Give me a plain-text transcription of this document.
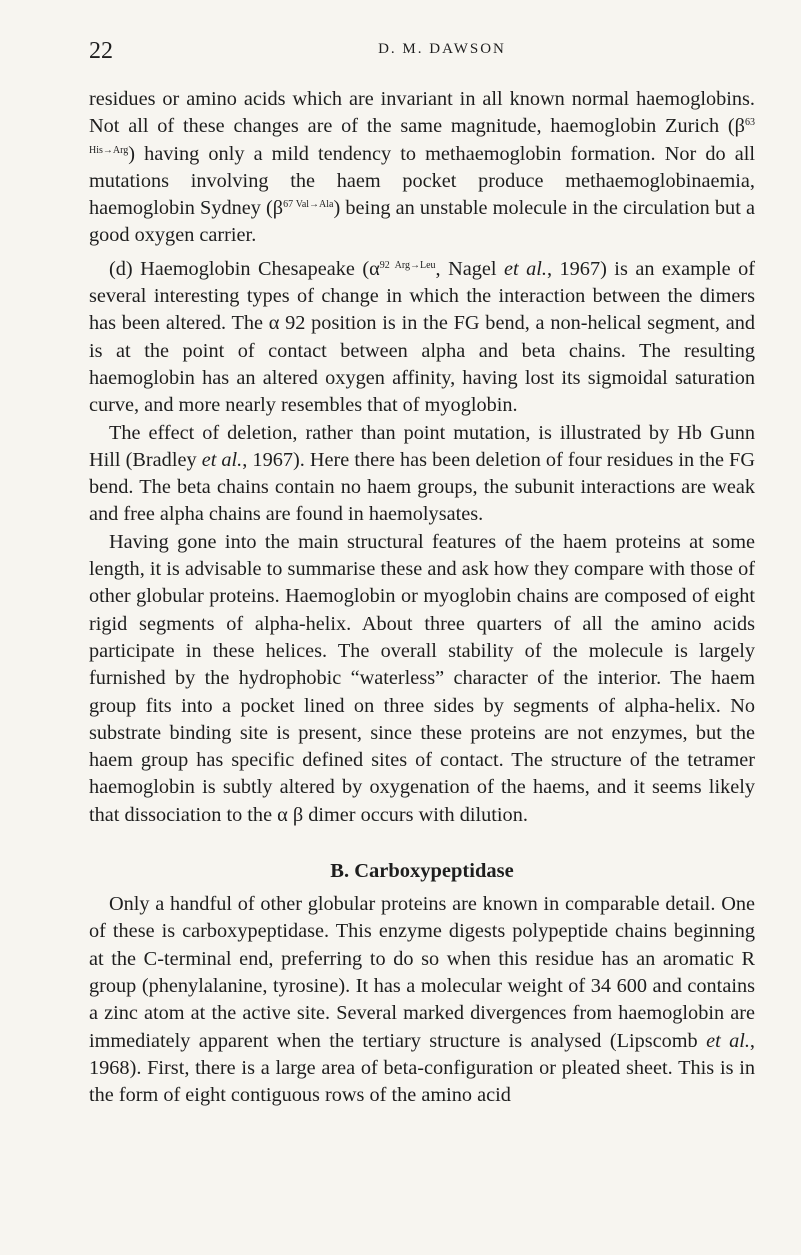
22	D. M. DAWSON

residues or amino acids which are invariant in all known normal haemoglobins. Not all of these changes are of the same magnitude, haemoglobin Zurich $(\beta^{63 His\to Arg})$ having only a mild tendency to methaemoglobin formation. Nor do all mutations involving the haem pocket produce methaemoglobinaemia, haemoglobin Sydney $(\beta^{67 Val\to Ala})$ being an unstable molecule in the circulation but a good oxygen carrier.

(d) Haemoglobin Chesapeake ($\alpha^{92 Arg\to Leu}$, Nagel et al., 1967) is an example of several interesting types of change in which the interaction between the dimers has been altered. The α 92 position is in the FG bend, a non-helical segment, and is at the point of contact between alpha and beta chains. The resulting haemoglobin has an altered oxygen affinity, having lost its sigmoidal saturation curve, and more nearly resembles that of myoglobin.

The effect of deletion, rather than point mutation, is illustrated by Hb Gunn Hill (Bradley et al., 1967). Here there has been deletion of four residues in the FG bend. The beta chains contain no haem groups, the subunit interactions are weak and free alpha chains are found in haemolysates.

Having gone into the main structural features of the haem proteins at some length, it is advisable to summarise these and ask how they compare with those of other globular proteins. Haemoglobin or myoglobin chains are composed of eight rigid segments of alpha-helix. About three quarters of all the amino acids participate in these helices. The overall stability of the molecule is largely furnished by the hydrophobic “waterless” character of the interior. The haem group fits into a pocket lined on three sides by segments of alpha-helix. No substrate binding site is present, since these proteins are not enzymes, but the haem group has specific defined sites of contact. The structure of the tetramer haemoglobin is subtly altered by oxygenation of the haems, and it seems likely that dissociation to the α β dimer occurs with dilution.

B. Carboxypeptidase

Only a handful of other globular proteins are known in comparable detail. One of these is carboxypeptidase. This enzyme digests polypeptide chains beginning at the C-terminal end, preferring to do so when this residue has an aromatic R group (phenylalanine, tyrosine). It has a molecular weight of 34 600 and contains a zinc atom at the active site. Several marked divergences from haemoglobin are immediately apparent when the tertiary structure is analysed (Lipscomb et al., 1968). First, there is a large area of beta-configuration or pleated sheet. This is in the form of eight contiguous rows of the amino acid
